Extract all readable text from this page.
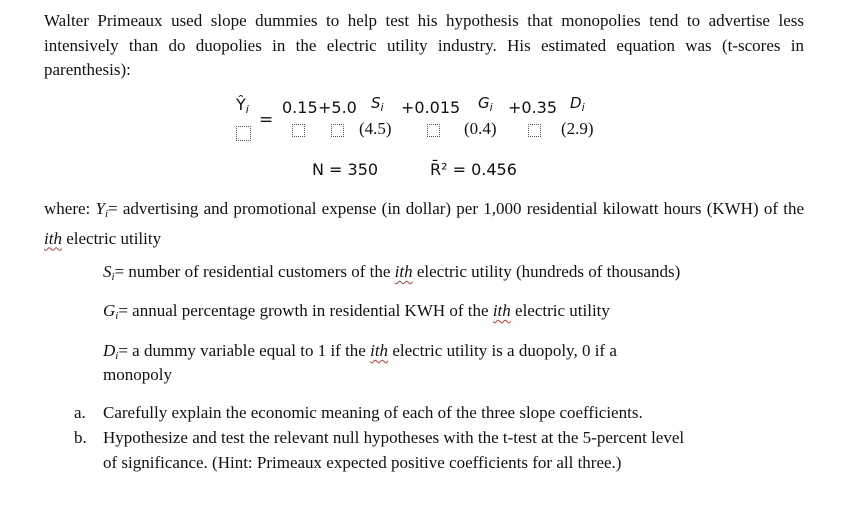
Walter Primeaux used slope dummies to help test his hypothesis that monopolies tend to advertise less intensively than do duopolies in the electric utility industry. His estimated equation was (t-scores in parenthesis):
$Ŷ_i$
=
0.15 +5.0 $S_i +0.015$ $G_i +0.35$ $D_i$
(4.5)	(0.4)	(2.9)
N = 350	R̄² = 0.456
where: $Y_i=$ advertising and promotional expense (in dollar) per 1,000 residential kilowatt hours (KWH) of the ith electric utility
$S_i=$ number of residential customers of the ith electric utility (hundreds of thousands)
$G_i=$ annual percentage growth in residential KWH of the ith electric utility
$D_i= a$ dummy variable equal to 1 if the ith electric utility is a duopoly, 0 if a
monopoly
a. Carefully explain the economic meaning of each of the three slope coefficients.
b. Hypothesize and test the relevant null hypotheses with the t-test at the 5-percent level
of significance. (Hint: Primeaux expected positive coefficients for all three.)
